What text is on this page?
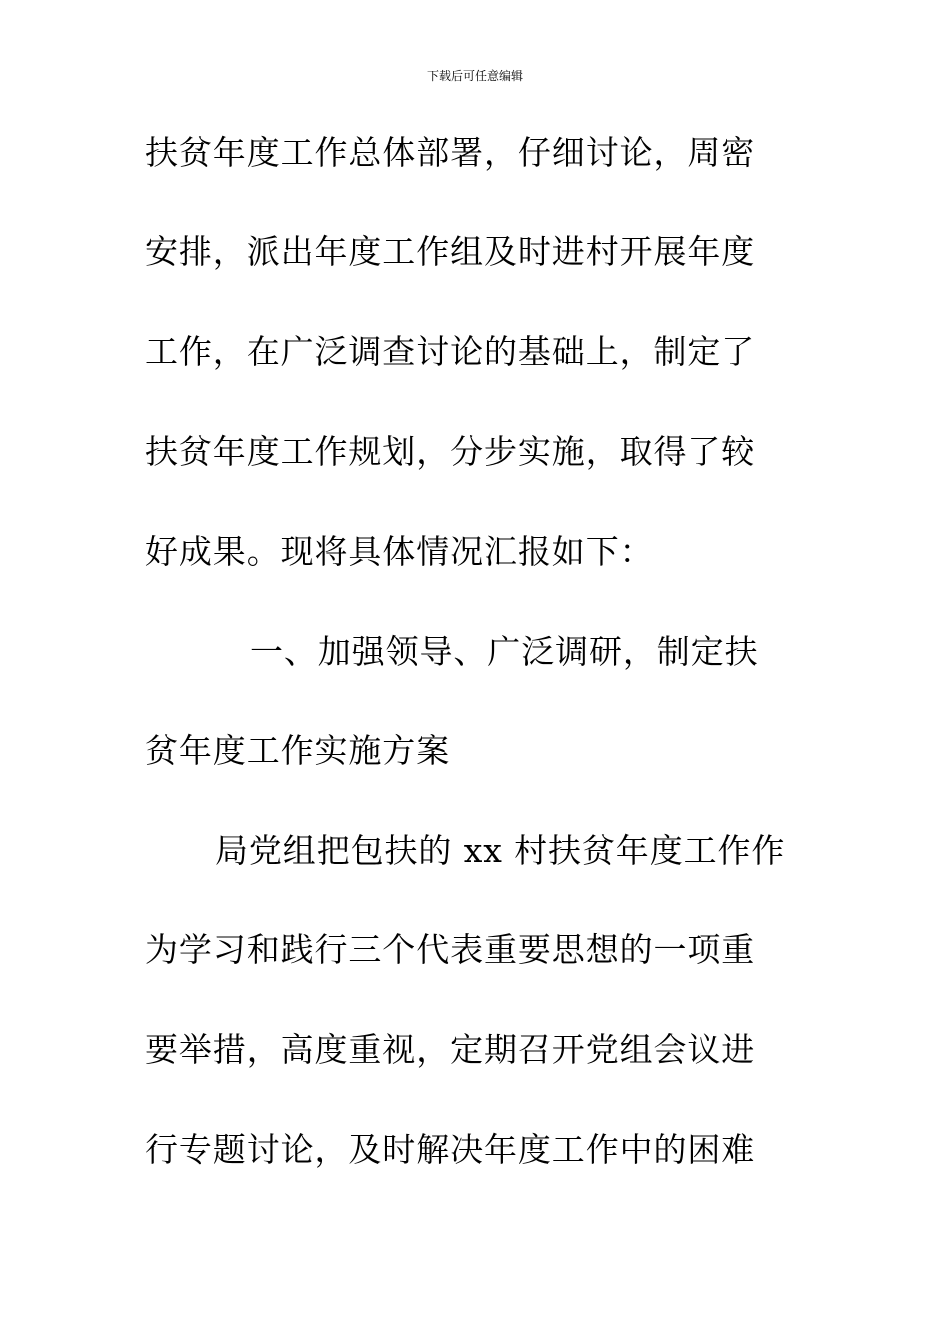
下载后可任意编辑
扶贫年度工作总体部署，仔细讨论，周密
安排，派出年度工作组及时进村开展年度
工作，在广泛调查讨论的基础上，制定了
扶贫年度工作规划，分步实施，取得了较
好成果。现将具体情况汇报如下：
一、加强领导、广泛调研，制定扶
贫年度工作实施方案
局党组把包扶的 xx 村扶贫年度工作作
为学习和践行三个代表重要思想的一项重
要举措，高度重视，定期召开党组会议进
行专题讨论，及时解决年度工作中的困难
